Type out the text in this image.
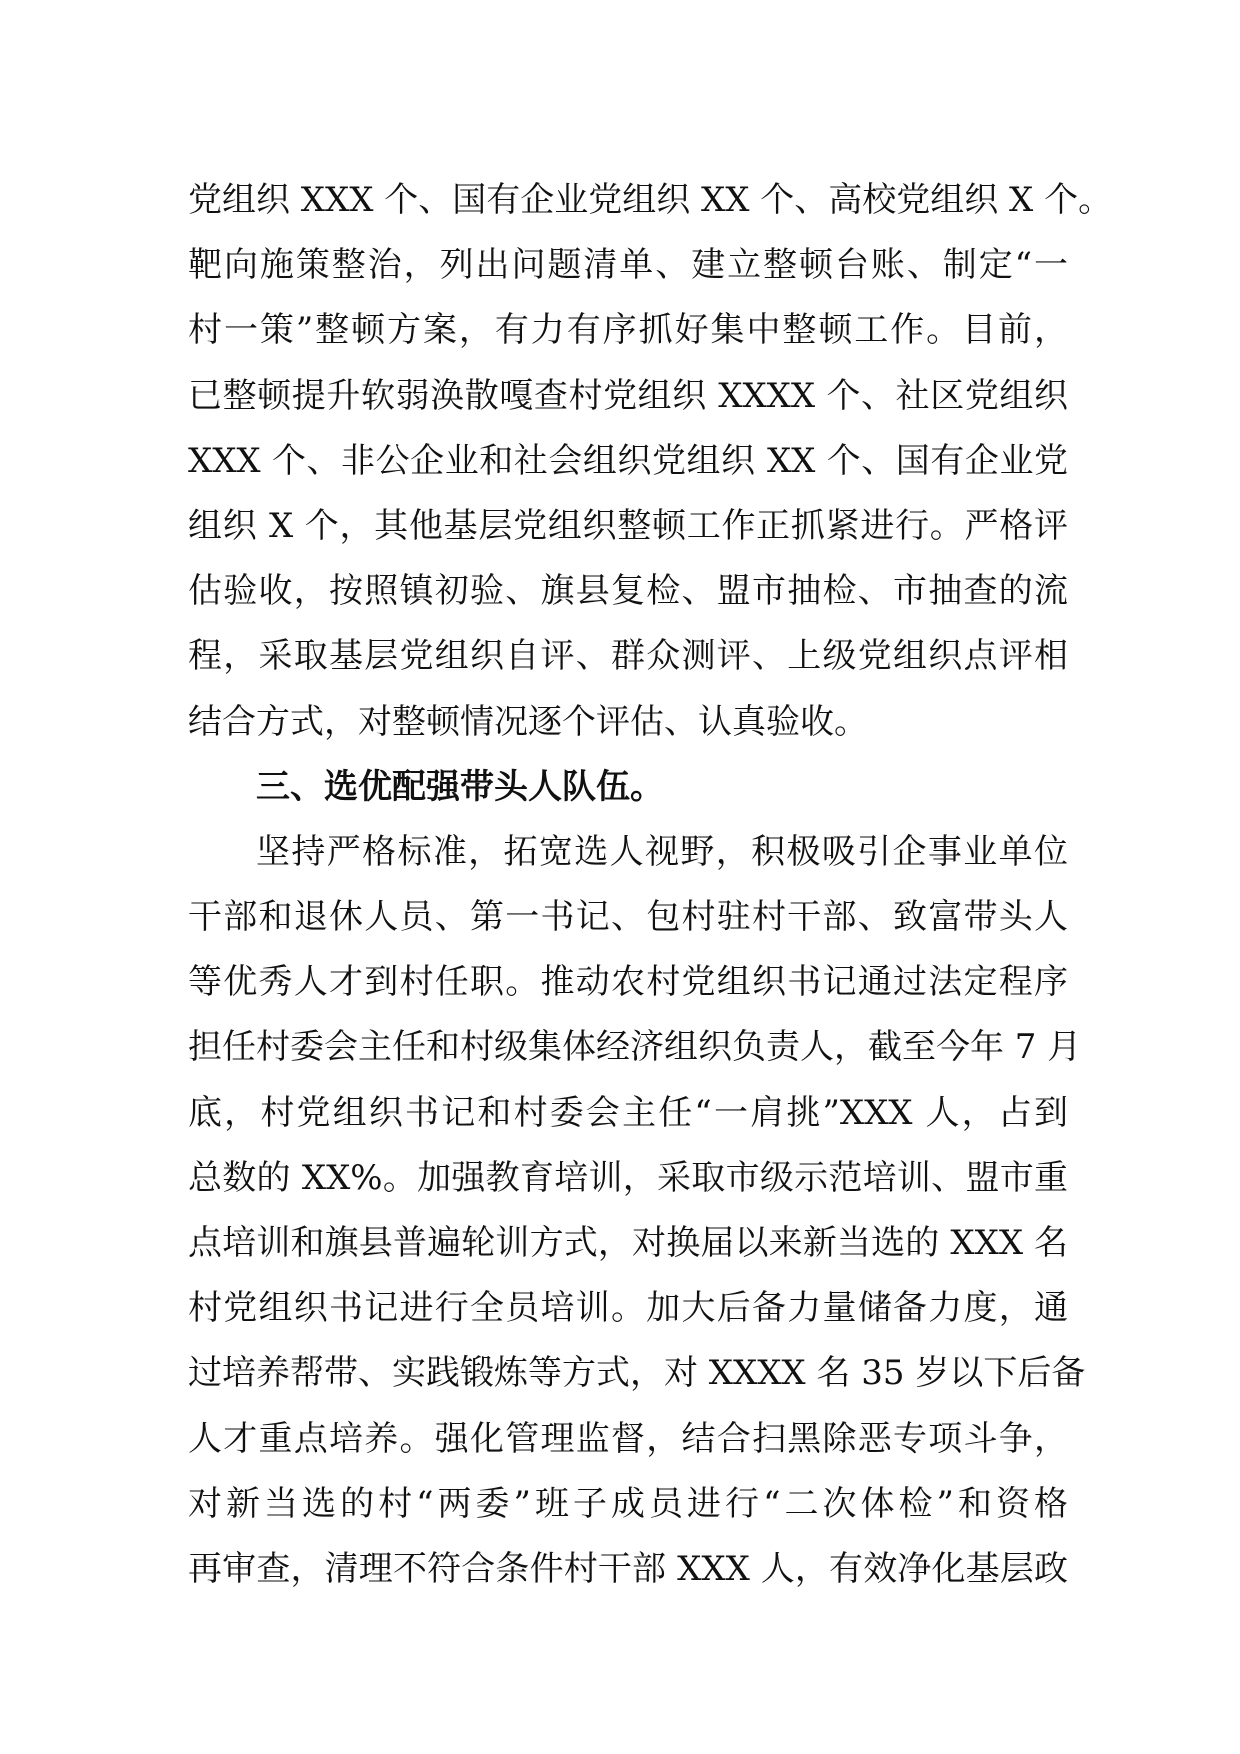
党组织 XXX 个、国有企业党组织 XX 个、高校党组织 X 个。
靶向施策整治，列出问题清单、建立整顿台账、制定“一
村一策”整顿方案，有力有序抓好集中整顿工作。目前，
已整顿提升软弱涣散嘎查村党组织 XXXX 个、社区党组织
XXX 个、非公企业和社会组织党组织 XX 个、国有企业党
组织 X 个，其他基层党组织整顿工作正抓紧进行。严格评
估验收，按照镇初验、旗县复检、盟市抽检、市抽查的流
程，采取基层党组织自评、群众测评、上级党组织点评相
结合方式，对整顿情况逐个评估、认真验收。
三、选优配强带头人队伍。
坚持严格标准，拓宽选人视野，积极吸引企事业单位
干部和退休人员、第一书记、包村驻村干部、致富带头人
等优秀人才到村任职。推动农村党组织书记通过法定程序
担任村委会主任和村级集体经济组织负责人，截至今年 7 月
底，村党组织书记和村委会主任“一肩挑”XXX 人，占到
总数的 XX%。加强教育培训，采取市级示范培训、盟市重
点培训和旗县普遍轮训方式，对换届以来新当选的 XXX 名
村党组织书记进行全员培训。加大后备力量储备力度，通
过培养帮带、实践锻炼等方式，对 XXXX 名 35 岁以下后备
人才重点培养。强化管理监督，结合扫黑除恶专项斗争，
对新当选的村“两委”班子成员进行“二次体检”和资格
再审查，清理不符合条件村干部 XXX 人，有效净化基层政
